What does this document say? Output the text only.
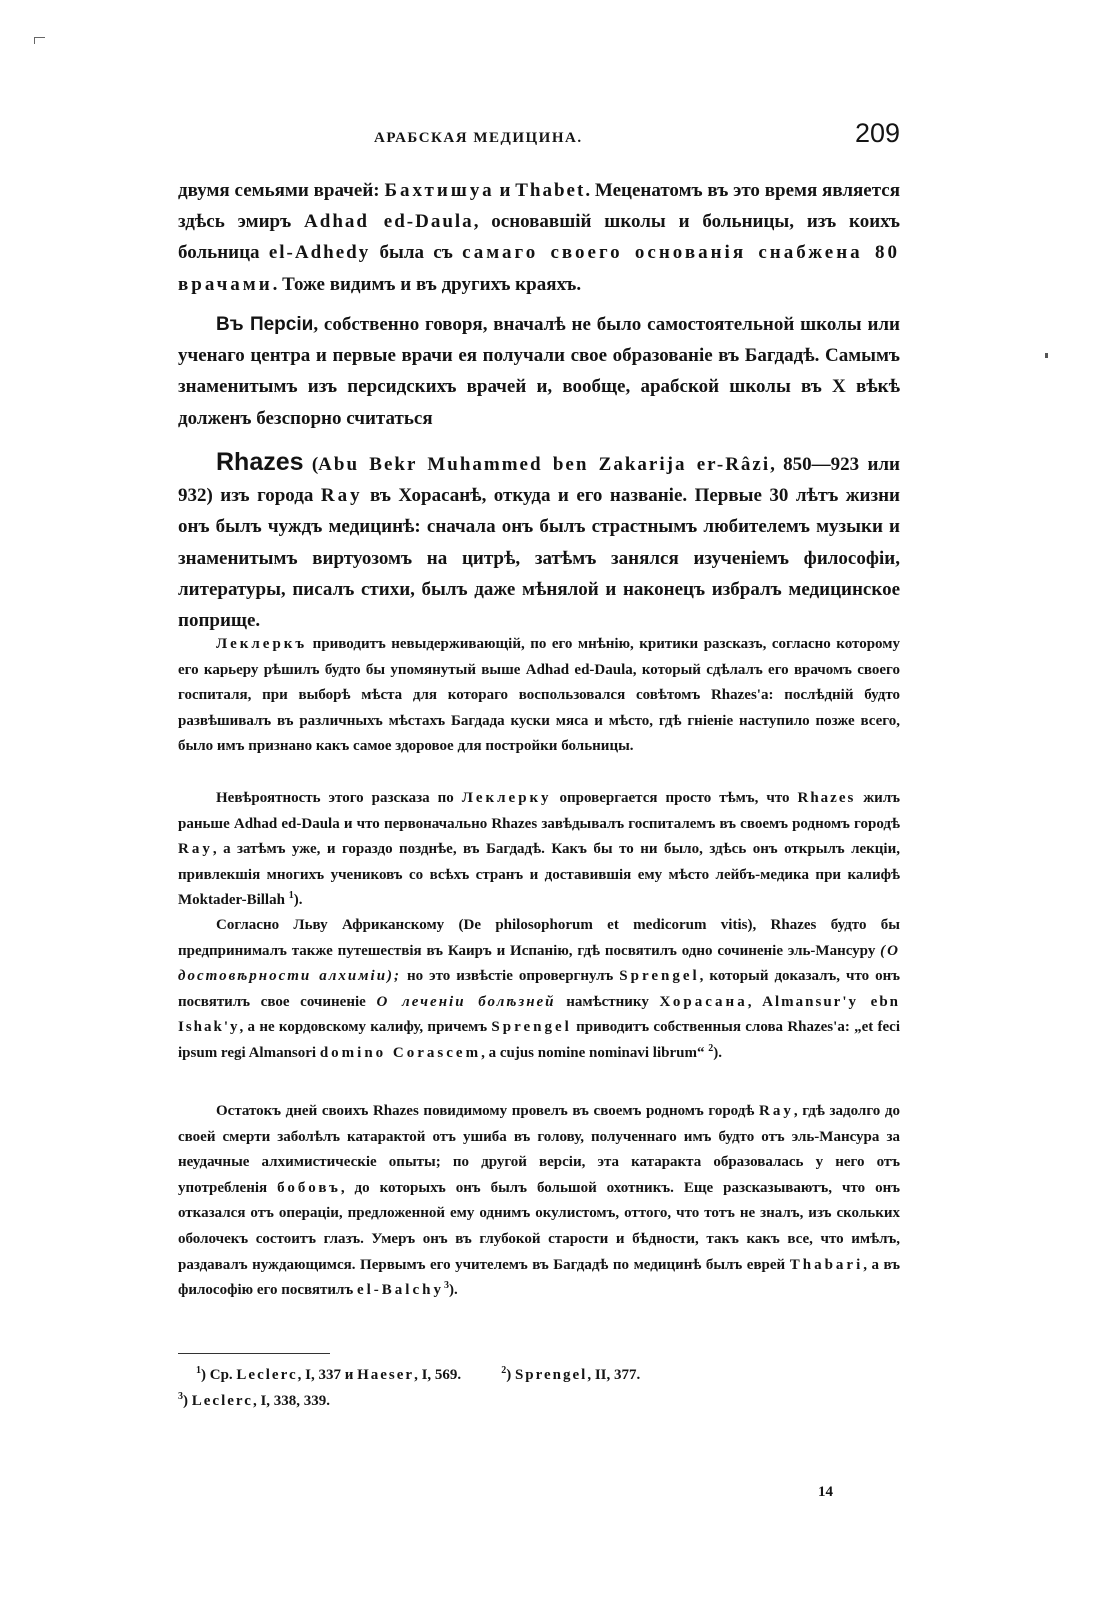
АРАБСКАЯ МЕДИЦИНА.	209

двумя семьями врачей: Бахтишуа и Thabet. Меценатомъ въ это время является здѣсь эмиръ Adhad ed-Daula, основавшій школы и больницы, изъ коихъ больница el-Adhedy была съ самаго своего основанія снабжена 80 врачами. Тоже видимъ и въ другихъ краяхъ.

Въ Персіи, собственно говоря, вначалѣ не было самостоятельной школы или ученаго центра и первые врачи ея получали свое образованіе въ Багдадѣ. Самымъ знаменитымъ изъ персидскихъ врачей и, вообще, арабской школы въ X вѣкѣ долженъ безспорно считаться

Rhazes (Abu Bekr Muhammed ben Zakarija er-Râzi, 850—923 или 932) изъ города Ray въ Хорасанѣ, откуда и его названіе. Первые 30 лѣтъ жизни онъ былъ чуждъ медицинѣ: сначала онъ былъ страстнымъ любителемъ музыки и знаменитымъ виртуозомъ на цитрѣ, затѣмъ занялся изученіемъ философіи, литературы, писалъ стихи, былъ даже мѣнялой и наконецъ избралъ медицинское поприще.

Леклеркъ приводитъ невыдерживающій, по его мнѣнію, критики разсказъ, согласно которому его карьеру рѣшилъ будто бы упомянутый выше Adhad ed-Daula, который сдѣлалъ его врачомъ своего госпиталя, при выборѣ мѣста для котораго воспользовался совѣтомъ Rhazes'а: послѣдній будто развѣшивалъ въ различныхъ мѣстахъ Багдада куски мяса и мѣсто, гдѣ гніеніе наступило позже всего, было имъ признано какъ самое здоровое для постройки больницы.

Невѣроятность этого разсказа по Леклерку опровергается просто тѣмъ, что Rhazes жилъ раньше Adhad ed-Daula и что первоначально Rhazes завѣдывалъ госпиталемъ въ своемъ родномъ городѣ Ray, а затѣмъ уже, и гораздо позднѣе, въ Багдадѣ. Какъ бы то ни было, здѣсь онъ открылъ лекціи, привлекшія многихъ учениковъ со всѣхъ странъ и доставившія ему мѣсто лейбъ-медика при калифѣ Moktader-Billah $^1$).

Согласно Льву Африканскому (De philosophorum et medicorum vitis), Rhazes будто бы предпринималъ также путешествія въ Каиръ и Испанію, гдѣ посвятилъ одно сочиненіе эль-Мансуру (О достовѣрности алхиміи); но это извѣстіе опровергнулъ Sprengel, который доказалъ, что онъ посвятилъ свое сочиненіе О леченіи болѣзней намѣстнику Хорасана, Almansur'y ebn Ishak'y, а не кордовскому калифу, причемъ Sprengel приводитъ собственныя слова Rhazes'а: „et feci ipsum regi Almansori domino Corascem, a cujus nomine nominavi librum“ $^2$).

Остатокъ дней своихъ Rhazes повидимому провелъ въ своемъ родномъ городѣ Ray, гдѣ задолго до своей смерти заболѣлъ катарактой отъ ушиба въ голову, полученнаго имъ будто отъ эль-Мансура за неудачные алхимистическіе опыты; по другой версіи, эта катаракта образовалась у него отъ употребленія бобовъ, до которыхъ онъ былъ большой охотникъ. Еще разсказываютъ, что онъ отказался отъ операціи, предложенной ему однимъ окулистомъ, оттого, что тотъ не зналъ, изъ скольких оболочекъ состоитъ глазъ. Умеръ онъ въ глубокой старости и бѣдности, такъ какъ все, что имѣлъ, раздавалъ нуждающимся. Первымъ его учителемъ въ Багдадѣ по медицинѣ былъ еврей Thabari, а въ философію его посвятилъ el-Balchy$^3$).

$^1$) Cp. Leclerc, I, 337 и Haeser, I, 569.	$^2$) Sprengel, II, 377.

$^3$) Leclerc, I, 338, 339.

14
